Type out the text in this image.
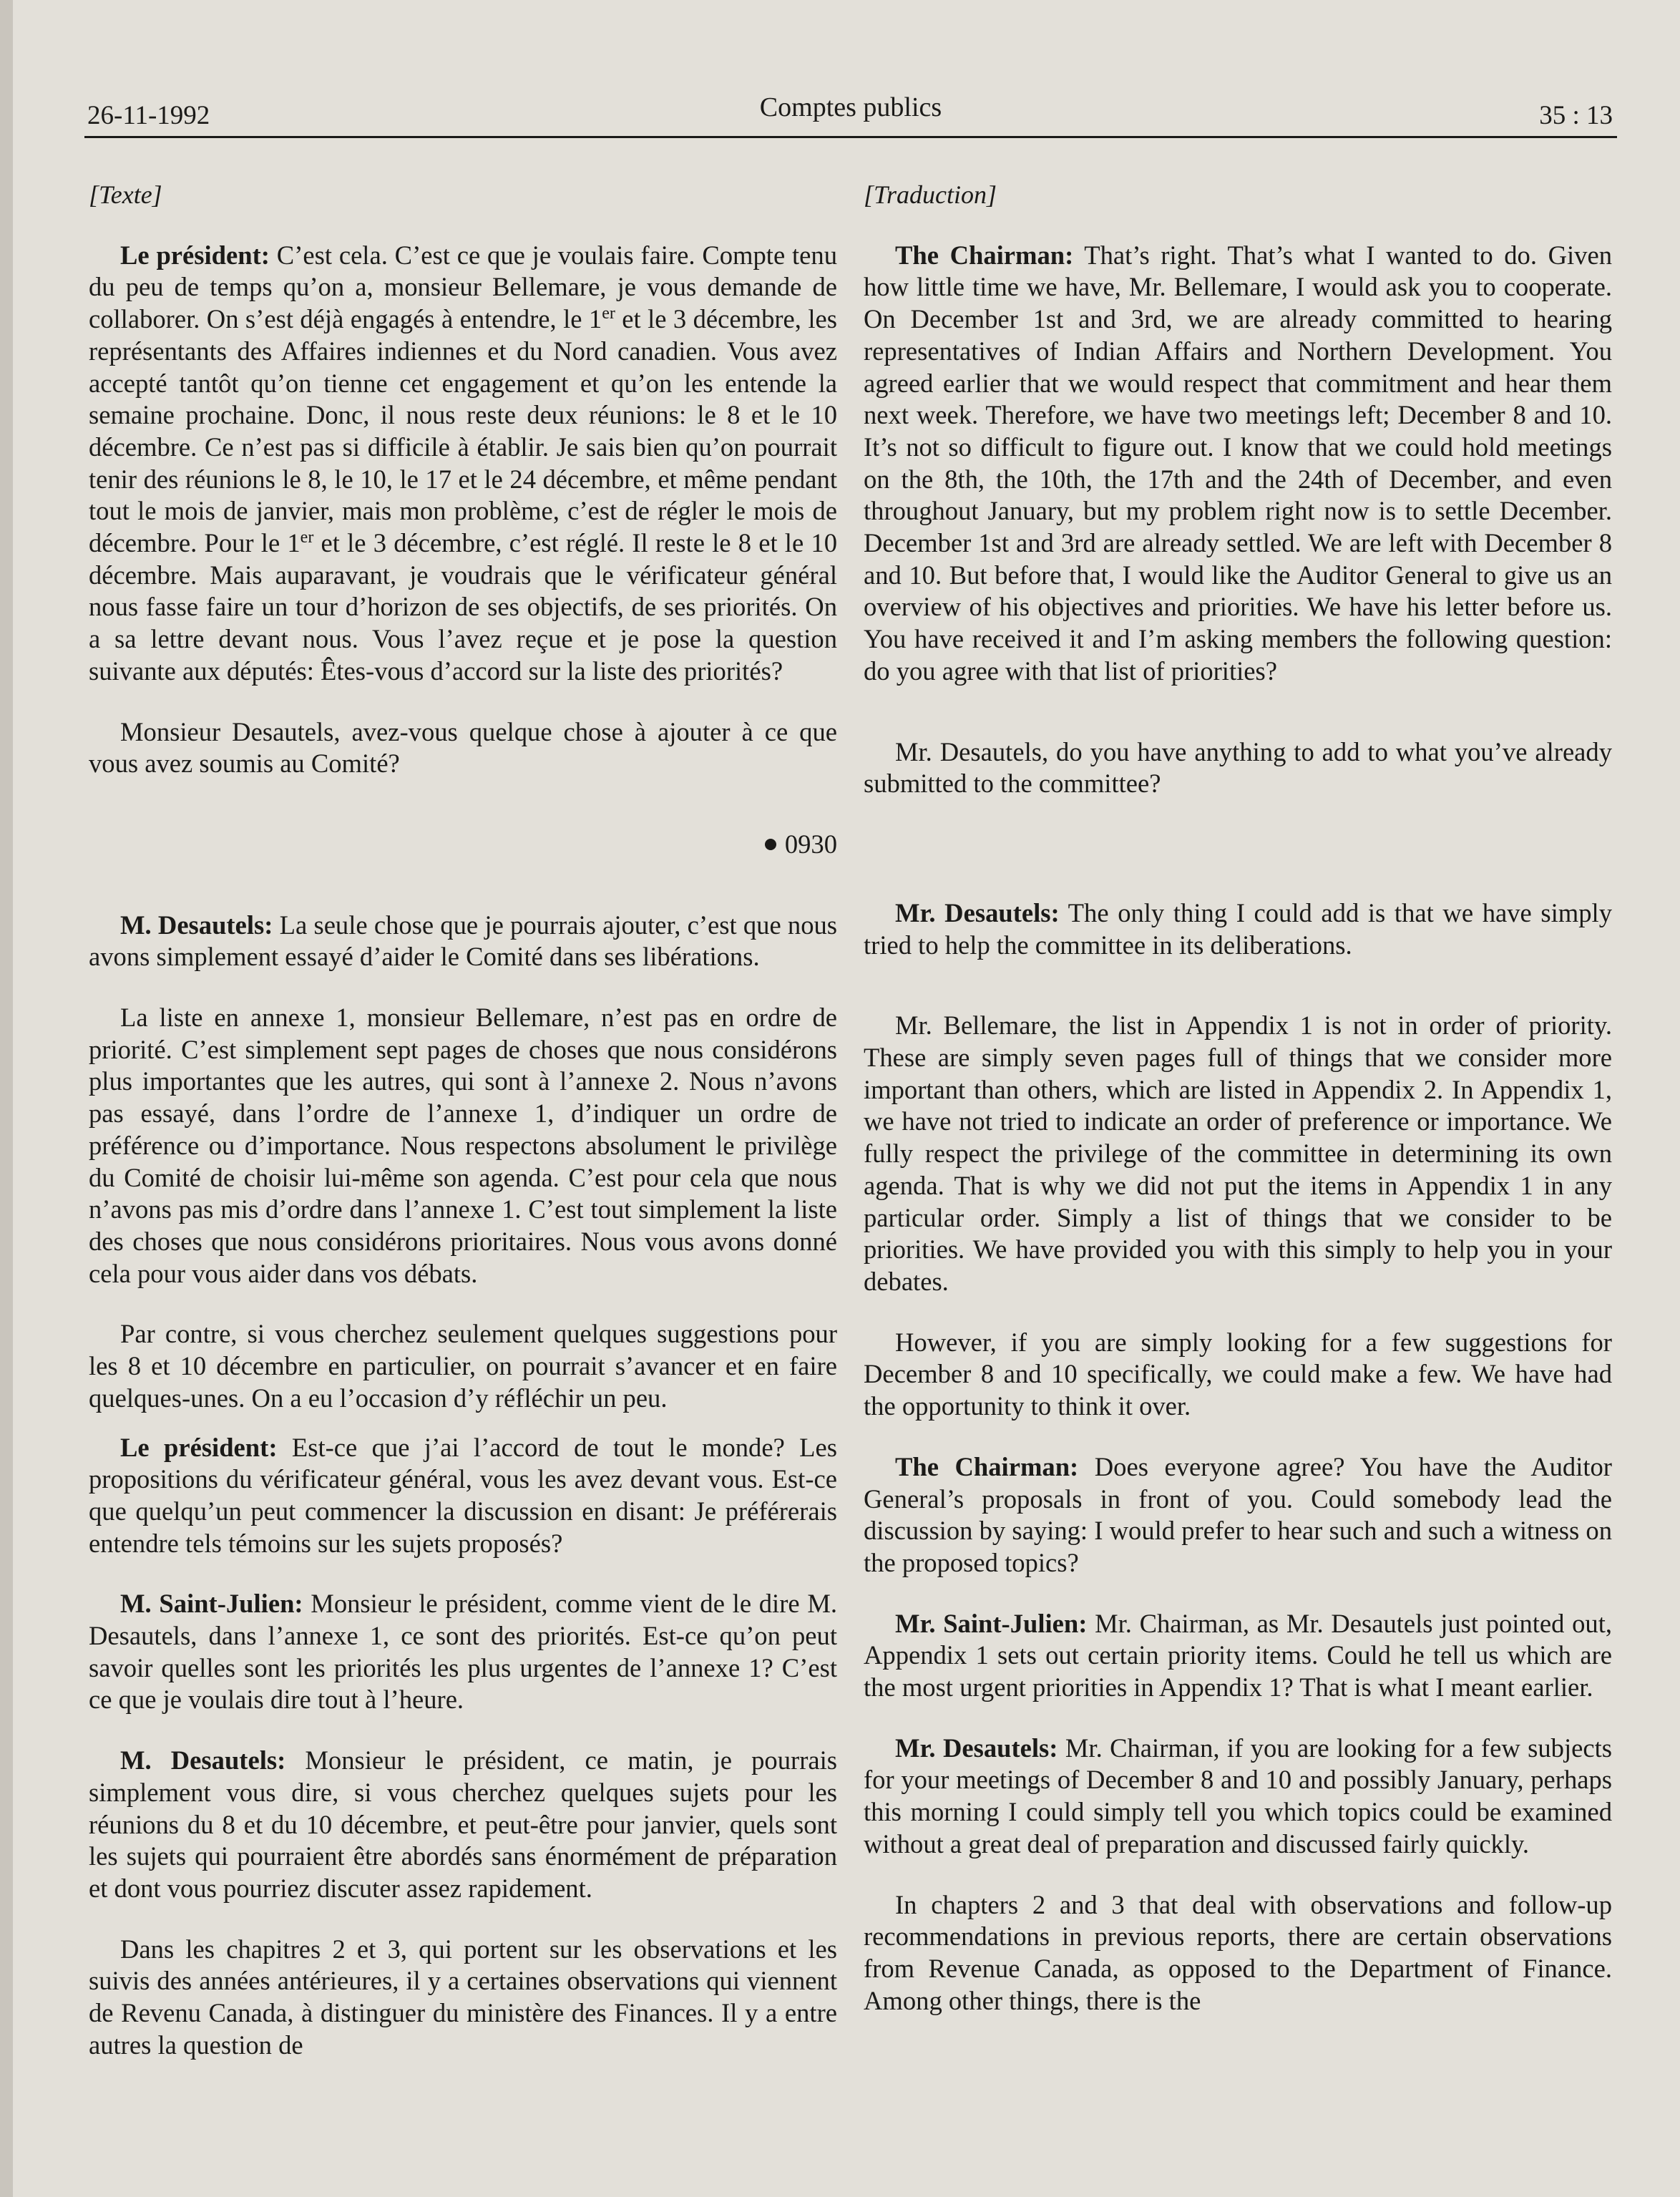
26-11-1992	Comptes publics	35 : 13

[Texte]

Le président: C’est cela. C’est ce que je voulais faire. Compte tenu du peu de temps qu’on a, monsieur Bellemare, je vous demande de collaborer. On s’est déjà engagés à entendre, le 1er et le 3 décembre, les représentants des Affaires indiennes et du Nord canadien. Vous avez accepté tantôt qu’on tienne cet engagement et qu’on les entende la semaine prochaine. Donc, il nous reste deux réunions: le 8 et le 10 décembre. Ce n’est pas si difficile à établir. Je sais bien qu’on pourrait tenir des réunions le 8, le 10, le 17 et le 24 décembre, et même pendant tout le mois de janvier, mais mon problème, c’est de régler le mois de décembre. Pour le 1er et le 3 décembre, c’est réglé. Il reste le 8 et le 10 décembre. Mais auparavant, je voudrais que le vérificateur général nous fasse faire un tour d’horizon de ses objectifs, de ses priorités. On a sa lettre devant nous. Vous l’avez reçue et je pose la question suivante aux députés: Êtes-vous d’accord sur la liste des priorités?

Monsieur Desautels, avez-vous quelque chose à ajouter à ce que vous avez soumis au Comité?

0930

M. Desautels: La seule chose que je pourrais ajouter, c’est que nous avons simplement essayé d’aider le Comité dans ses libérations.

La liste en annexe 1, monsieur Bellemare, n’est pas en ordre de priorité. C’est simplement sept pages de choses que nous considérons plus importantes que les autres, qui sont à l’annexe 2. Nous n’avons pas essayé, dans l’ordre de l’annexe 1, d’indiquer un ordre de préférence ou d’importance. Nous respectons absolument le privilège du Comité de choisir lui-même son agenda. C’est pour cela que nous n’avons pas mis d’ordre dans l’annexe 1. C’est tout simplement la liste des choses que nous considérons prioritaires. Nous vous avons donné cela pour vous aider dans vos débats.

Par contre, si vous cherchez seulement quelques suggestions pour les 8 et 10 décembre en particulier, on pourrait s’avancer et en faire quelques-unes. On a eu l’occasion d’y réfléchir un peu.

Le président: Est-ce que j’ai l’accord de tout le monde? Les propositions du vérificateur général, vous les avez devant vous. Est-ce que quelqu’un peut commencer la discussion en disant: Je préférerais entendre tels témoins sur les sujets proposés?

M. Saint-Julien: Monsieur le président, comme vient de le dire M. Desautels, dans l’annexe 1, ce sont des priorités. Est-ce qu’on peut savoir quelles sont les priorités les plus urgentes de l’annexe 1? C’est ce que je voulais dire tout à l’heure.

M. Desautels: Monsieur le président, ce matin, je pourrais simplement vous dire, si vous cherchez quelques sujets pour les réunions du 8 et du 10 décembre, et peut-être pour janvier, quels sont les sujets qui pourraient être abordés sans énormément de préparation et dont vous pourriez discuter assez rapidement.

Dans les chapitres 2 et 3, qui portent sur les observations et les suivis des années antérieures, il y a certaines observations qui viennent de Revenu Canada, à distinguer du ministère des Finances. Il y a entre autres la question de

[Traduction]

The Chairman: That’s right. That’s what I wanted to do. Given how little time we have, Mr. Bellemare, I would ask you to cooperate. On December 1st and 3rd, we are already committed to hearing representatives of Indian Affairs and Northern Development. You agreed earlier that we would respect that commitment and hear them next week. Therefore, we have two meetings left; December 8 and 10. It’s not so difficult to figure out. I know that we could hold meetings on the 8th, the 10th, the 17th and the 24th of December, and even throughout January, but my problem right now is to settle December. December 1st and 3rd are already settled. We are left with December 8 and 10. But before that, I would like the Auditor General to give us an overview of his objectives and priorities. We have his letter before us. You have received it and I’m asking members the following question: do you agree with that list of priorities?

Mr. Desautels, do you have anything to add to what you’ve already submitted to the committee?

Mr. Desautels: The only thing I could add is that we have simply tried to help the committee in its deliberations.

Mr. Bellemare, the list in Appendix 1 is not in order of priority. These are simply seven pages full of things that we consider more important than others, which are listed in Appendix 2. In Appendix 1, we have not tried to indicate an order of preference or importance. We fully respect the privilege of the committee in determining its own agenda. That is why we did not put the items in Appendix 1 in any particular order. Simply a list of things that we consider to be priorities. We have provided you with this simply to help you in your debates.

However, if you are simply looking for a few suggestions for December 8 and 10 specifically, we could make a few. We have had the opportunity to think it over.

The Chairman: Does everyone agree? You have the Auditor General’s proposals in front of you. Could somebody lead the discussion by saying: I would prefer to hear such and such a witness on the proposed topics?

Mr. Saint-Julien: Mr. Chairman, as Mr. Desautels just pointed out, Appendix 1 sets out certain priority items. Could he tell us which are the most urgent priorities in Appendix 1? That is what I meant earlier.

Mr. Desautels: Mr. Chairman, if you are looking for a few subjects for your meetings of December 8 and 10 and possibly January, perhaps this morning I could simply tell you which topics could be examined without a great deal of preparation and discussed fairly quickly.

In chapters 2 and 3 that deal with observations and follow-up recommendations in previous reports, there are certain observations from Revenue Canada, as opposed to the Department of Finance. Among other things, there is the
